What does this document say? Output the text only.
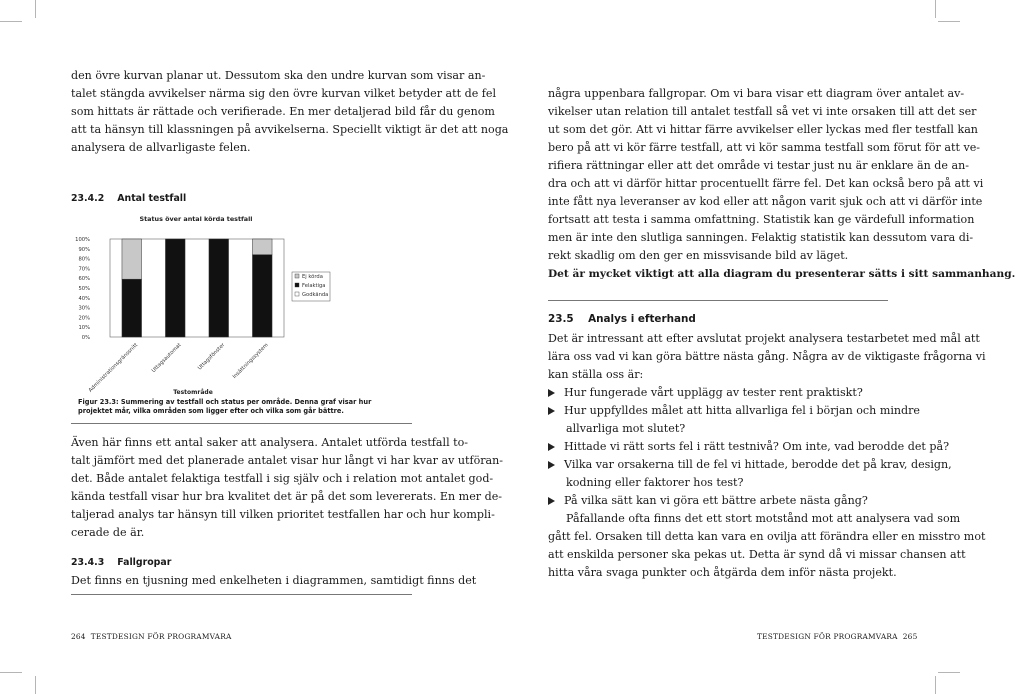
den övre kurvan planar ut. Dessutom ska den undre kurvan som visar an-
talet stängda avvikelser närma sig den övre kurvan vilket betyder att de fel
som hittats är rättade och verifierade. En mer detaljerad bild får du genom
att ta hänsyn till klassningen på avvikelserna. Speciellt viktigt är det att noga
analysera de allvarligaste felen.
23.4.2    Antal testfall
Status över antal körda testfall
0%
10%
20%
30%
40%
50%
60%
70%
80%
90%
100%
Administrationsgränssnitt Uttagsautomat	Uttagsfönster Insättningssystem
Ej körda
Felaktiga
Godkända
Testområde
Figur 23.3: Summering av testfall och status per område. Denna graf visar hur
projektet mår, vilka områden som ligger efter och vilka som går bättre.
Även här finns ett antal saker att analysera. Antalet utförda testfall to-
talt jämfört med det planerade antalet visar hur långt vi har kvar av utföran-
det. Både antalet felaktiga testfall i sig själv och i relation mot antalet god-
kända testfall visar hur bra kvalitet det är på det som levererats. En mer de-
taljerad analys tar hänsyn till vilken prioritet testfallen har och hur kompli-
cerade de är.
23.4.3    Fallgropar
Det finns en tjusning med enkelheten i diagrammen, samtidigt finns det
264  TESTDESIGN FÖR PROGRAMVARA
några uppenbara fallgropar. Om vi bara visar ett diagram över antalet av-
vikelser utan relation till antalet testfall så vet vi inte orsaken till att det ser
ut som det gör. Att vi hittar färre avvikelser eller lyckas med fler testfall kan
bero på att vi kör färre testfall, att vi kör samma testfall som förut för att ve-
rifiera rättningar eller att det område vi testar just nu är enklare än de an-
dra och att vi därför hittar procentuellt färre fel. Det kan också bero på att vi
inte fått nya leveranser av kod eller att någon varit sjuk och att vi därför inte
fortsatt att testa i samma omfattning. Statistik kan ge värdefull information
men är inte den slutliga sanningen. Felaktig statistik kan dessutom vara di-
rekt skadlig om den ger en missvisande bild av läget.
Det är mycket viktigt att alla diagram du presenterar sätts i sitt sammanhang.
23.5    Analys i efterhand
Det är intressant att efter avslutat projekt analysera testarbetet med mål att
lära oss vad vi kan göra bättre nästa gång. Några av de viktigaste frågorna vi
kan ställa oss är:
Hur fungerade vårt upplägg av tester rent praktiskt?
Hur uppfylldes målet att hitta allvarliga fel i början och mindre
allvarliga mot slutet?
Hittade vi rätt sorts fel i rätt testnivå? Om inte, vad berodde det på?
Vilka var orsakerna till de fel vi hittade, berodde det på krav, design,
kodning eller faktorer hos test?
På vilka sätt kan vi göra ett bättre arbete nästa gång?
Påfallande ofta finns det ett stort motstånd mot att analysera vad som
gått fel. Orsaken till detta kan vara en ovilja att förändra eller en misstro mot
att enskilda personer ska pekas ut. Detta är synd då vi missar chansen att
hitta våra svaga punkter och åtgärda dem inför nästa projekt.
TESTDESIGN FÖR PROGRAMVARA  265
